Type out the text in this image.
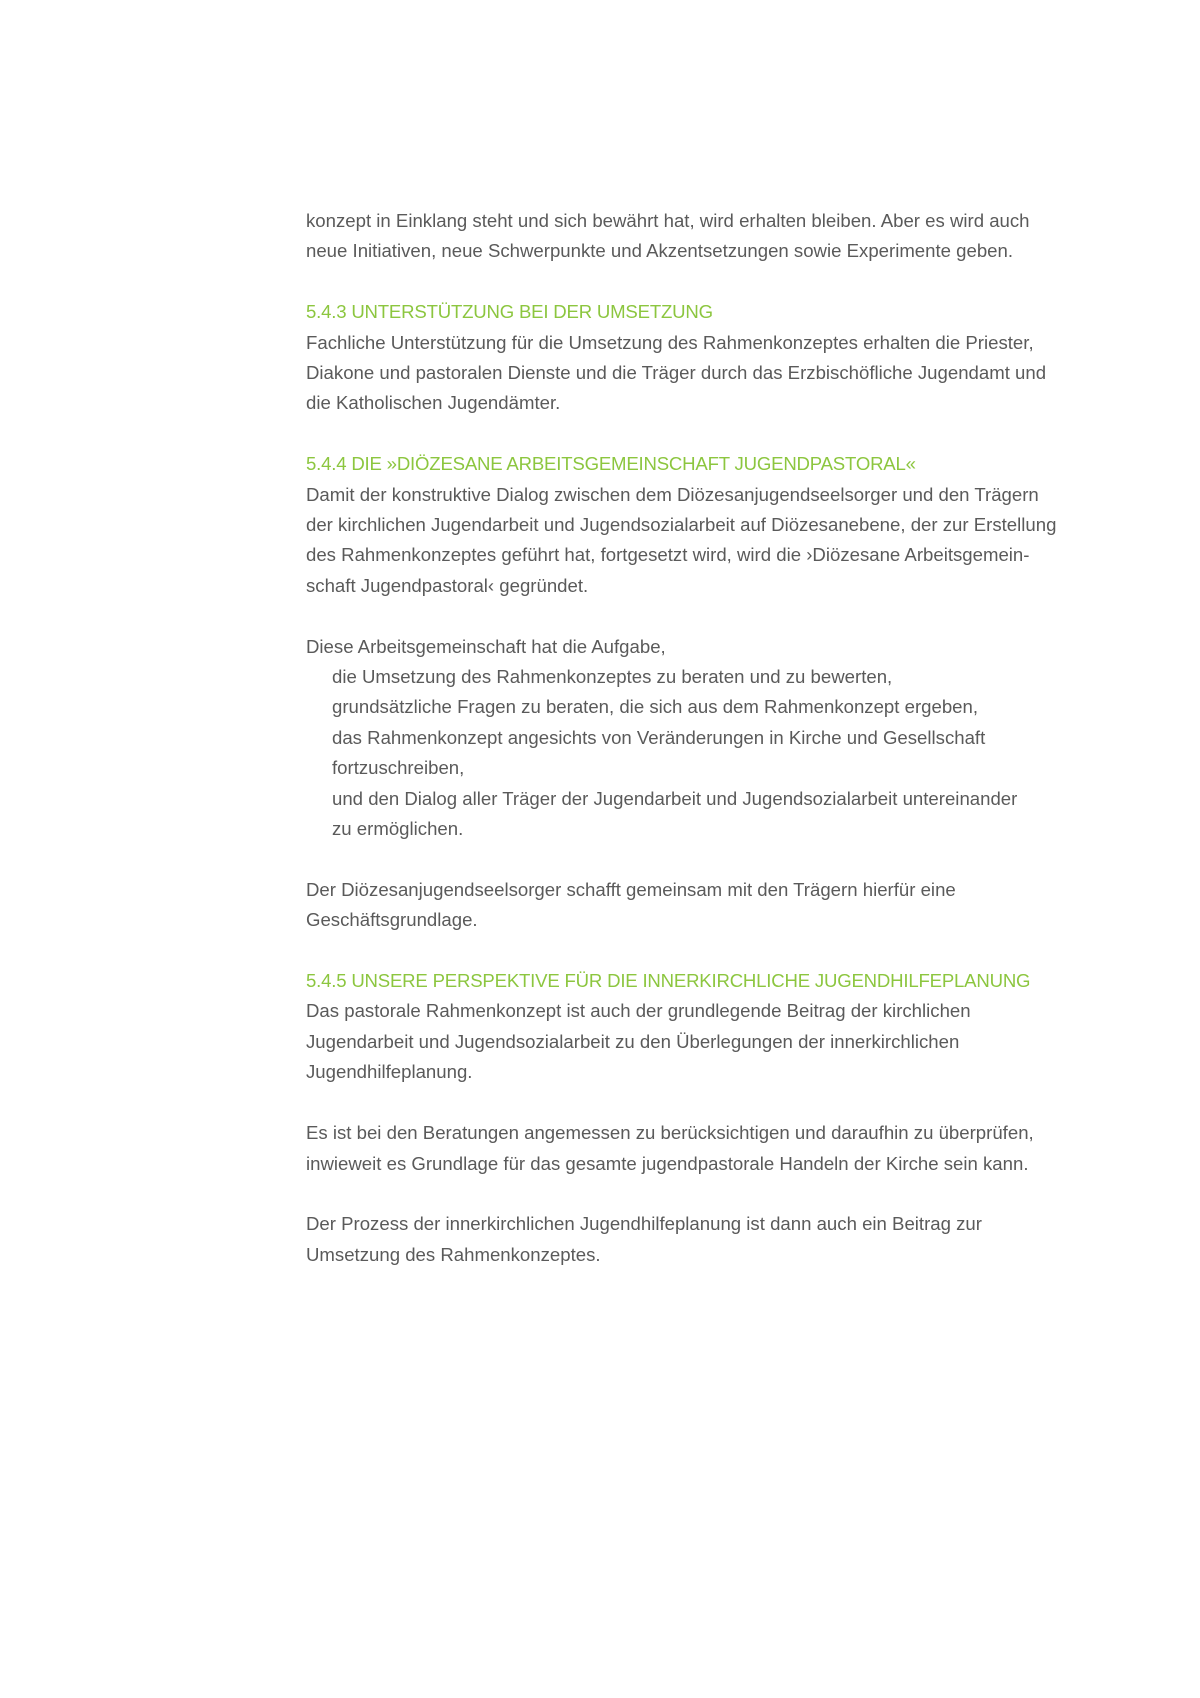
konzept in Einklang steht und sich bewährt hat, wird erhalten bleiben. Aber es wird auch

neue Initiativen, neue Schwerpunkte und Akzentsetzungen sowie Experimente geben.

5.4.3 UNTERSTÜTZUNG BEI DER UMSETZUNG

Fachliche Unterstützung für die Umsetzung des Rahmenkonzeptes erhalten die Priester,

Diakone und pastoralen Dienste und die Träger durch das Erzbischöfliche Jugendamt und

die Katholischen Jugendämter.

5.4.4 DIE »DIÖZESANE ARBEITSGEMEINSCHAFT JUGENDPASTORAL«

Damit der konstruktive Dialog zwischen dem Diözesanjugendseelsorger und den Trägern

der kirchlichen Jugendarbeit und Jugendsozialarbeit auf Diözesanebene, der zur Erstellung

des Rahmenkonzeptes geführt hat, fortgesetzt wird, wird die ›Diözesane Arbeitsgemein-

schaft Jugendpastoral‹ gegründet.

Diese Arbeitsgemeinschaft hat die Aufgabe,

die Umsetzung des Rahmenkonzeptes zu beraten und zu bewerten,
grundsätzliche Fragen zu beraten, die sich aus dem Rahmenkonzept ergeben,
das Rahmenkonzept angesichts von Veränderungen in Kirche und Gesellschaft
fortzuschreiben,
und den Dialog aller Träger der Jugendarbeit und Jugendsozialarbeit untereinander
zu ermöglichen.

Der Diözesanjugendseelsorger schafft gemeinsam mit den Trägern hierfür eine

Geschäftsgrundlage.

5.4.5 UNSERE PERSPEKTIVE FÜR DIE INNERKIRCHLICHE JUGENDHILFEPLANUNG

Das pastorale Rahmenkonzept ist auch der grundlegende Beitrag der kirchlichen

Jugendarbeit und Jugendsozialarbeit zu den Überlegungen der innerkirchlichen

Jugendhilfeplanung.

Es ist bei den Beratungen angemessen zu berücksichtigen und daraufhin zu überprüfen,

inwieweit es Grundlage für das gesamte jugendpastorale Handeln der Kirche sein kann.

Der Prozess der innerkirchlichen Jugendhilfeplanung ist dann auch ein Beitrag zur

Umsetzung des Rahmenkonzeptes.
